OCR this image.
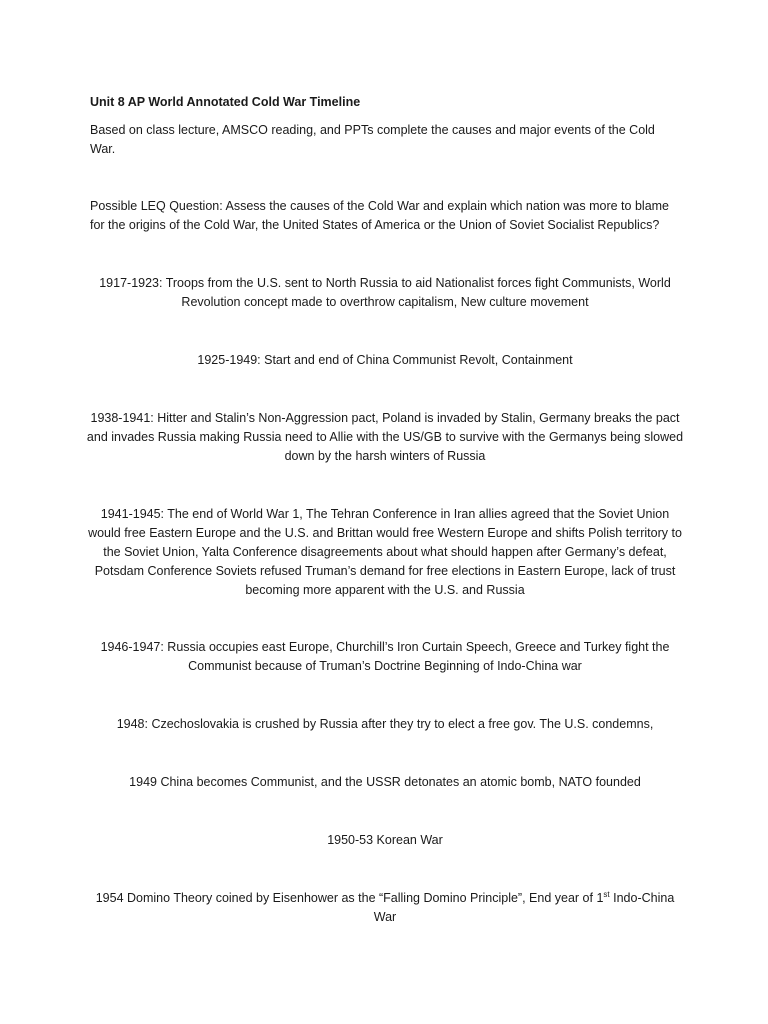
Unit 8 AP World Annotated Cold War Timeline
Based on class lecture, AMSCO reading, and PPTs complete the causes and major events of the Cold War.
Possible LEQ Question: Assess the causes of the Cold War and explain which nation was more to blame for the origins of the Cold War, the United States of America or the Union of Soviet Socialist Republics?
1917-1923: Troops from the U.S. sent to North Russia to aid Nationalist forces fight Communists, World Revolution concept made to overthrow capitalism, New culture movement
1925-1949: Start and end of China Communist Revolt, Containment
1938-1941: Hitter and Stalin’s Non-Aggression pact, Poland is invaded by Stalin, Germany breaks the pact and invades Russia making Russia need to Allie with the US/GB to survive with the Germanys being slowed down by the harsh winters of Russia
1941-1945: The end of World War 1, The Tehran Conference in Iran allies agreed that the Soviet Union would free Eastern Europe and the U.S. and Brittan would free Western Europe and shifts Polish territory to the Soviet Union, Yalta Conference disagreements about what should happen after Germany’s defeat, Potsdam Conference Soviets refused Truman’s demand for free elections in Eastern Europe, lack of trust becoming more apparent with the U.S. and Russia
1946-1947: Russia occupies east Europe, Churchill’s Iron Curtain Speech, Greece and Turkey fight the Communist because of Truman’s Doctrine Beginning of Indo-China war
1948: Czechoslovakia is crushed by Russia after they try to elect a free gov. The U.S. condemns,
1949 China becomes Communist, and the USSR detonates an atomic bomb, NATO founded
1950-53 Korean War
1954 Domino Theory coined by Eisenhower as the “Falling Domino Principle”, End year of 1st Indo-China War
